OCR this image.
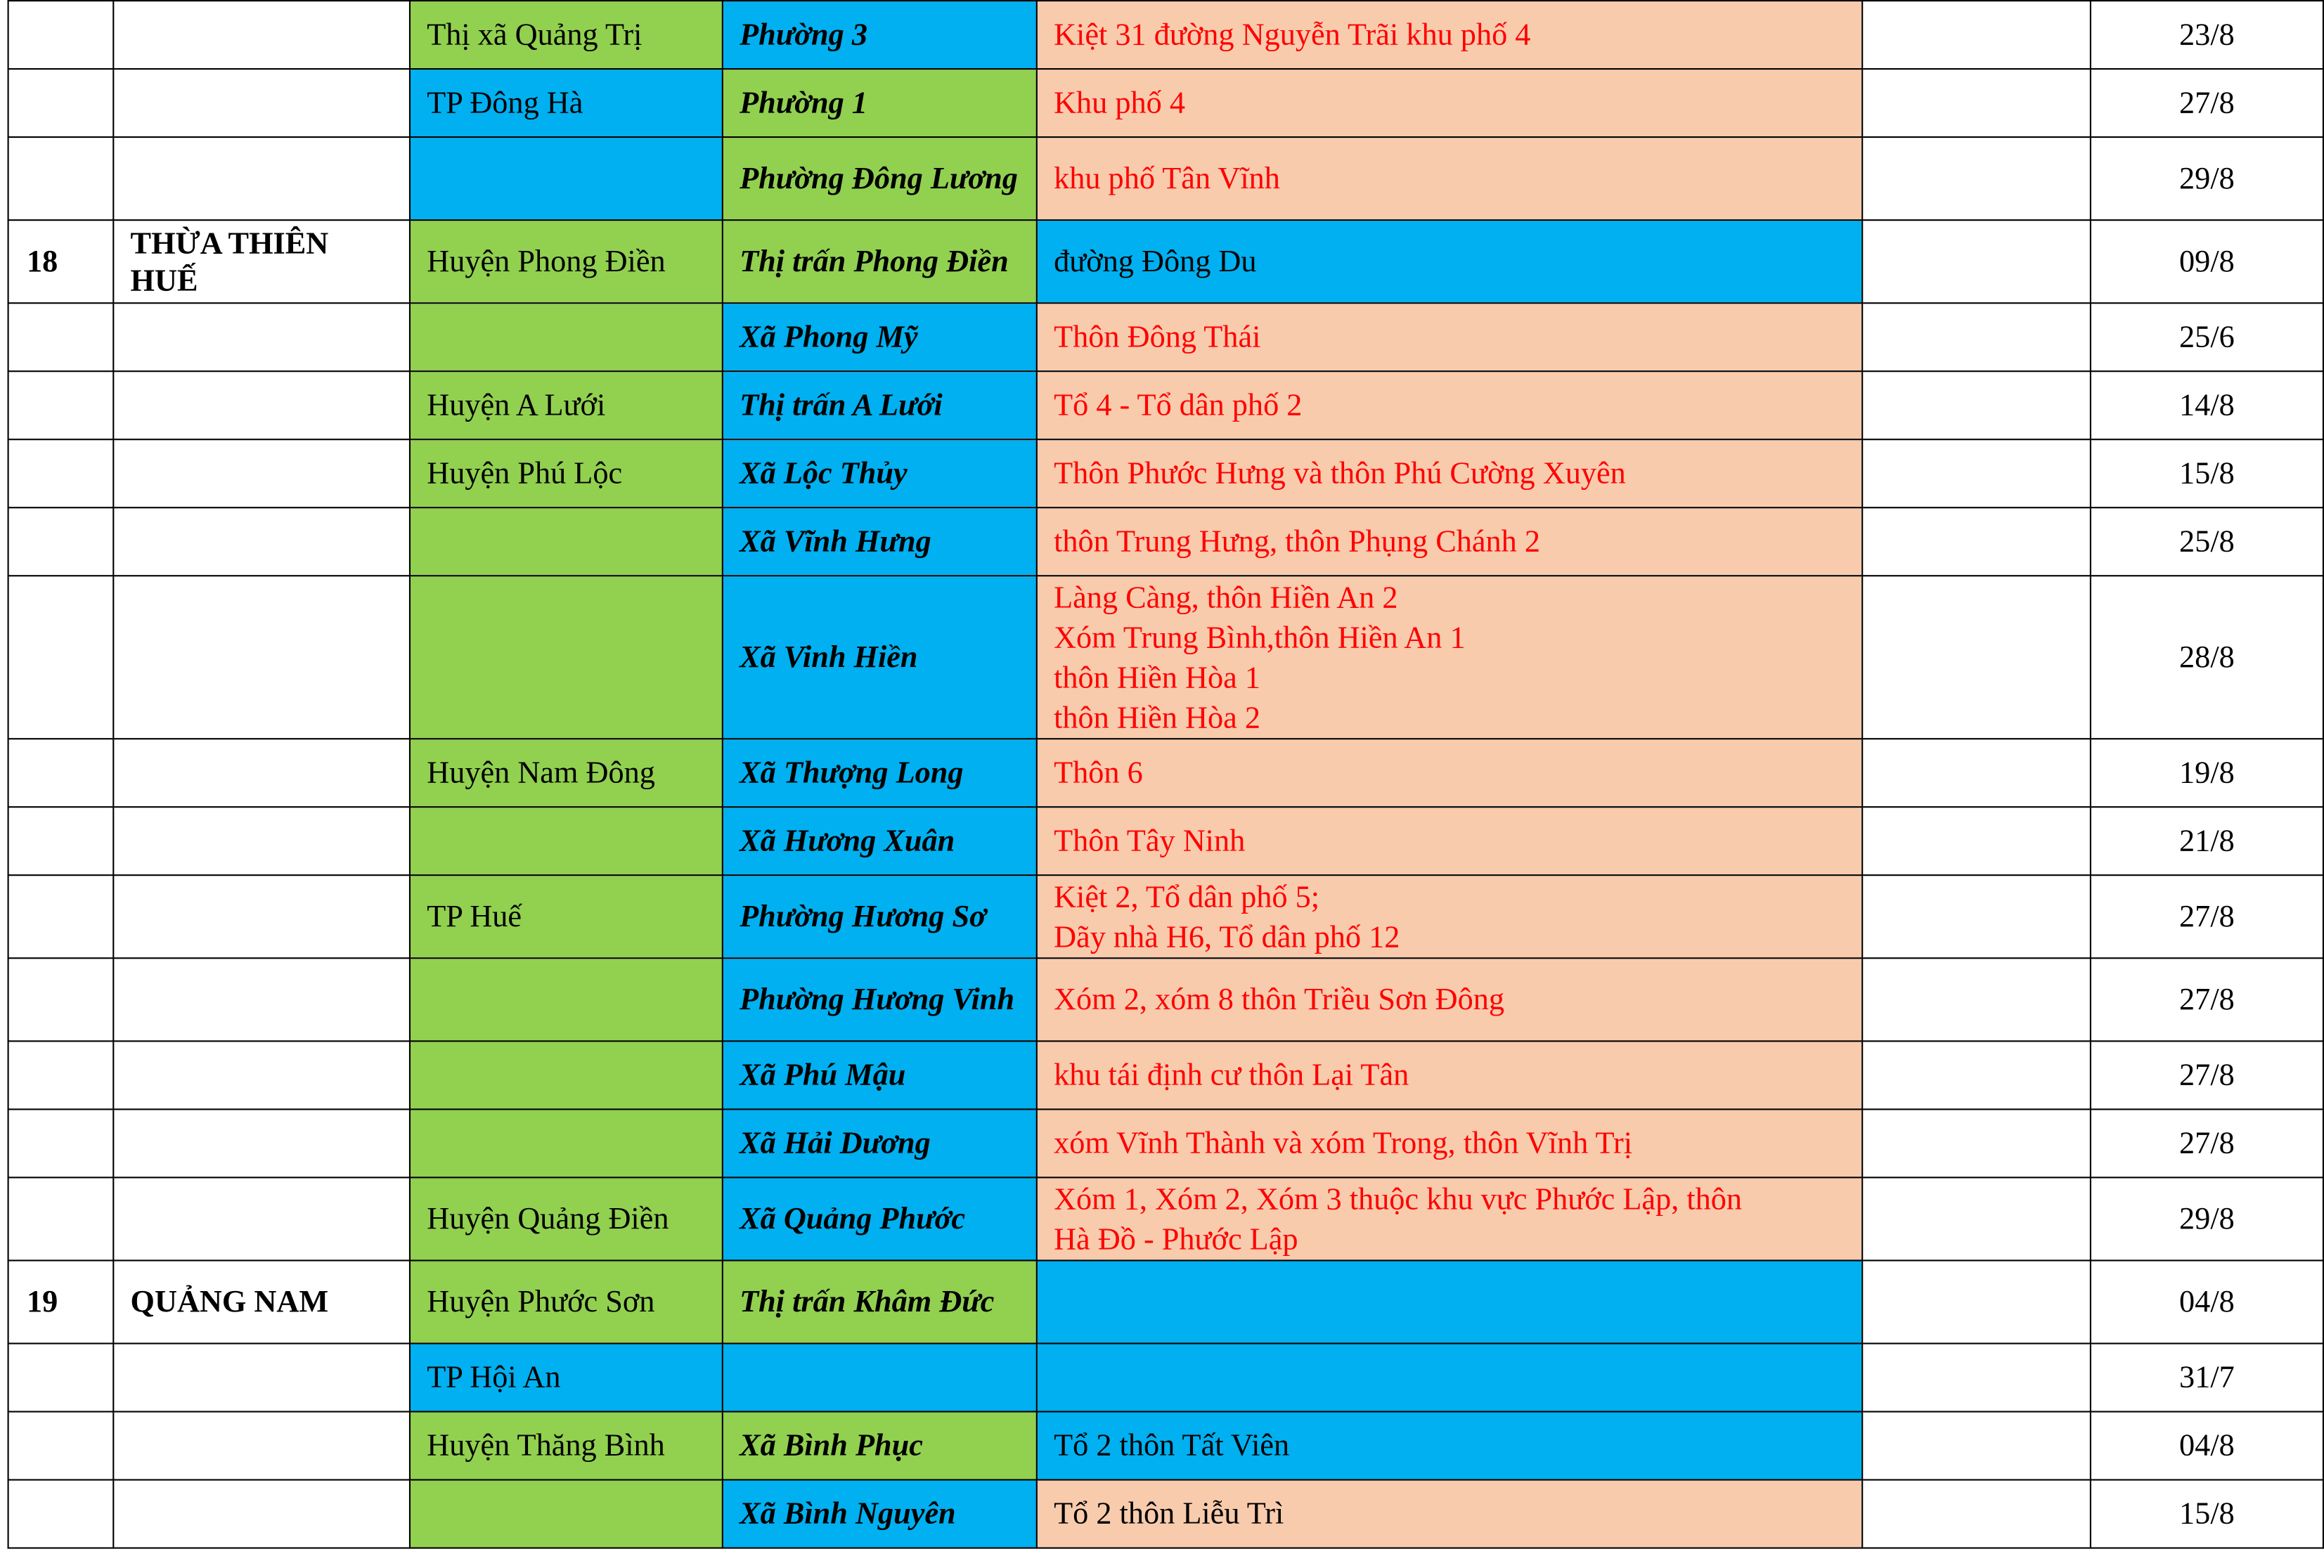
		Thị xã Quảng Trị	Phường 3	Kiệt 31 đường Nguyễn Trãi khu phố 4		23/8
		TP Đông Hà	Phường 1	Khu phố 4		27/8
			Phường Đông Lương	khu phố Tân Vĩnh		29/8
18	THỪA THIÊN HUẾ	Huyện Phong Điền	Thị trấn Phong Điền	đường Đông Du		09/8
			Xã Phong Mỹ	Thôn Đông Thái		25/6
		Huyện A Lưới	Thị trấn A Lưới	Tổ 4 - Tổ dân phố 2		14/8
		Huyện Phú Lộc	Xã Lộc Thủy	Thôn Phước Hưng và thôn Phú Cường Xuyên		15/8
			Xã Vĩnh Hưng	thôn Trung Hưng, thôn Phụng Chánh 2		25/8
			Xã Vinh Hiền	Làng Càng, thôn Hiền An 2
Xóm Trung Bình,thôn Hiền An 1
thôn Hiền Hòa 1
thôn Hiền Hòa 2		28/8
		Huyện Nam Đông	Xã Thượng Long	Thôn 6		19/8
			Xã Hương Xuân	Thôn Tây Ninh		21/8
		TP Huế	Phường Hương Sơ	Kiệt 2, Tổ dân phố 5;
Dãy nhà H6, Tổ dân phố 12		27/8
			Phường Hương Vinh	Xóm 2, xóm 8 thôn Triều Sơn Đông		27/8
			Xã Phú Mậu	khu tái định cư thôn Lại Tân		27/8
			Xã Hải Dương	xóm Vĩnh Thành và xóm Trong, thôn Vĩnh Trị		27/8
		Huyện Quảng Điền	Xã Quảng Phước	Xóm 1, Xóm 2, Xóm 3 thuộc khu vực Phước Lập, thôn
Hà Đồ - Phước Lập		29/8
19	QUẢNG NAM	Huyện Phước Sơn	Thị trấn Khâm Đức			04/8
		TP Hội An				31/7
		Huyện Thăng Bình	Xã Bình Phục	Tổ 2 thôn Tất Viên		04/8
			Xã Bình Nguyên	Tổ 2 thôn Liễu Trì		15/8
